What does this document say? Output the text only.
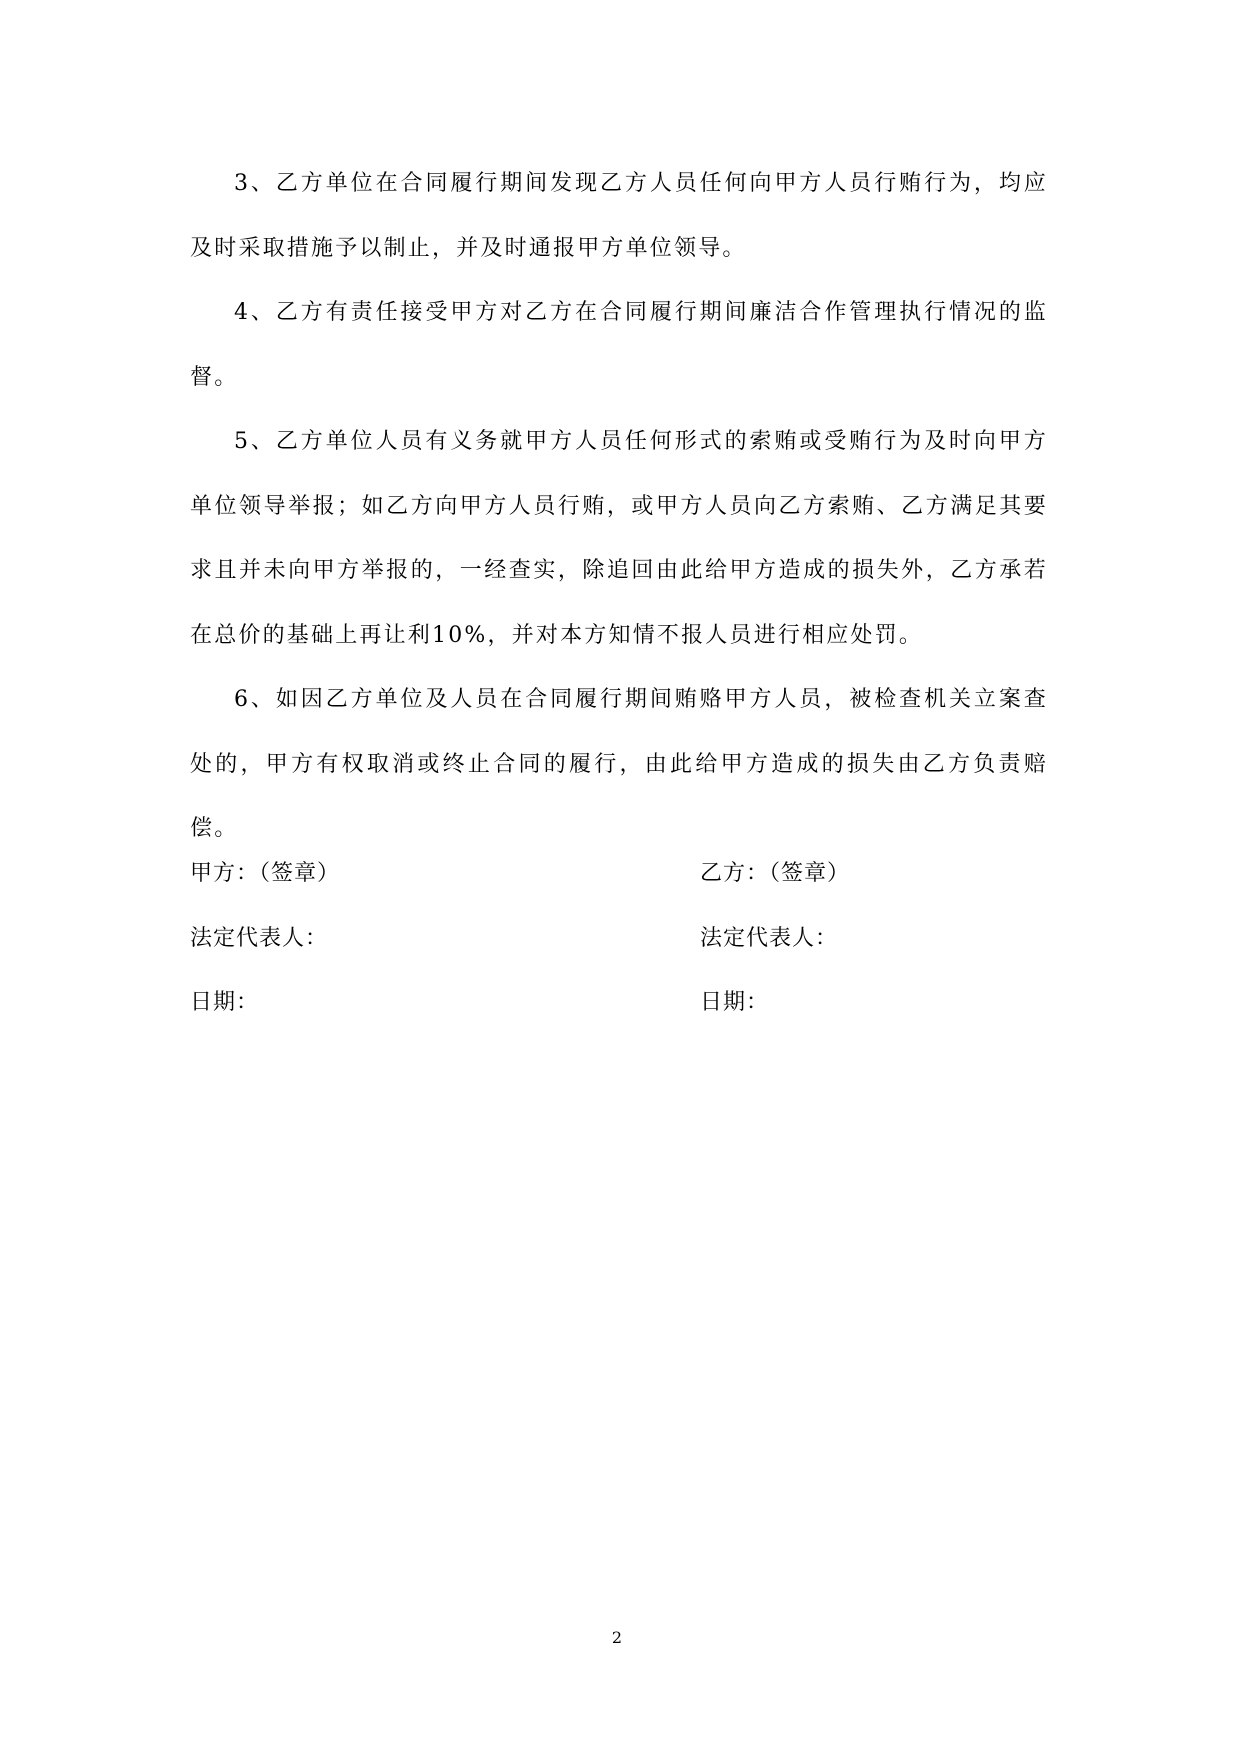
3、乙方单位在合同履行期间发现乙方人员任何向甲方人员行贿行为，均应及时采取措施予以制止，并及时通报甲方单位领导。

4、乙方有责任接受甲方对乙方在合同履行期间廉洁合作管理执行情况的监督。

5、乙方单位人员有义务就甲方人员任何形式的索贿或受贿行为及时向甲方单位领导举报；如乙方向甲方人员行贿，或甲方人员向乙方索贿、乙方满足其要求且并未向甲方举报的，一经查实，除追回由此给甲方造成的损失外，乙方承若在总价的基础上再让利10%，并对本方知情不报人员进行相应处罚。

6、如因乙方单位及人员在合同履行期间贿赂甲方人员，被检查机关立案查处的，甲方有权取消或终止合同的履行，由此给甲方造成的损失由乙方负责赔偿。

甲方：（签章）	乙方：（签章）
法定代表人：	法定代表人：
日期：	日期：
2
